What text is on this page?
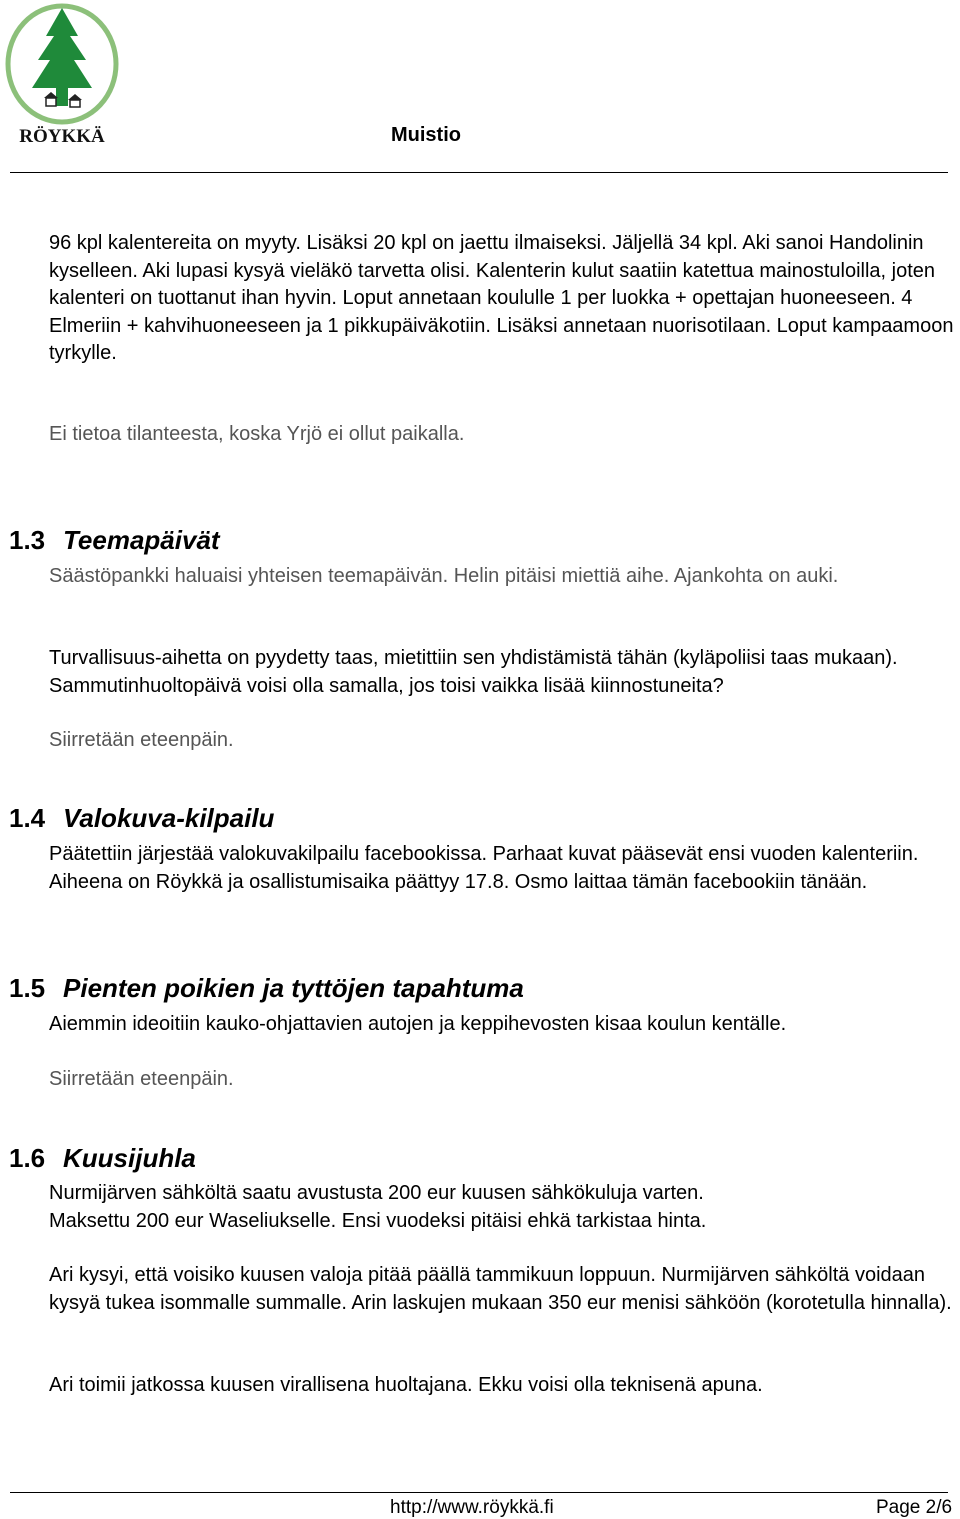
RÖYKKÄ	Muistio

96 kpl kalentereita on myyty. Lisäksi 20 kpl on jaettu ilmaiseksi. Jäljellä 34 kpl. Aki sanoi Handolinin kyselleen. Aki lupasi kysyä vieläkö tarvetta olisi. Kalenterin kulut saatiin katettua mainostuloilla, joten kalenteri on tuottanut ihan hyvin. Loput annetaan koululle 1 per luokka + opettajan huoneeseen. 4 Elmeriin + kahvihuoneeseen ja 1 pikkupäiväkotiin. Lisäksi annetaan nuorisotilaan. Loput kampaamoon tyrkylle.

Ei tietoa tilanteesta, koska Yrjö ei ollut paikalla.

1.3 Teemapäivät

Säästöpankki haluaisi yhteisen teemapäivän. Helin pitäisi miettiä aihe. Ajankohta on auki.

Turvallisuus-aihetta on pyydetty taas, mietittiin sen yhdistämistä tähän (kyläpoliisi taas mukaan). Sammutinhuoltopäivä voisi olla samalla, jos toisi vaikka lisää kiinnostuneita?

Siirretään eteenpäin.

1.4 Valokuva-kilpailu

Päätettiin järjestää valokuvakilpailu facebookissa. Parhaat kuvat pääsevät ensi vuoden kalenteriin. Aiheena on Röykkä ja osallistumisaika päättyy 17.8. Osmo laittaa tämän facebookiin tänään.

1.5 Pienten poikien ja tyttöjen tapahtuma

Aiemmin ideoitiin kauko-ohjattavien autojen ja keppihevosten kisaa koulun kentälle.

Siirretään eteenpäin.

1.6 Kuusijuhla

Nurmijärven sähköltä saatu avustusta 200 eur kuusen sähkökuluja varten.

Maksettu 200 eur Waseliukselle. Ensi vuodeksi pitäisi ehkä tarkistaa hinta.

Ari kysyi, että voisiko kuusen valoja pitää päällä tammikuun loppuun. Nurmijärven sähköltä voidaan kysyä tukea isommalle summalle. Arin laskujen mukaan 350 eur menisi sähköön (korotetulla hinnalla).

Ari toimii jatkossa kuusen virallisena huoltajana. Ekku voisi olla teknisenä apuna.

http://www.röykkä.fi	Page 2/6
